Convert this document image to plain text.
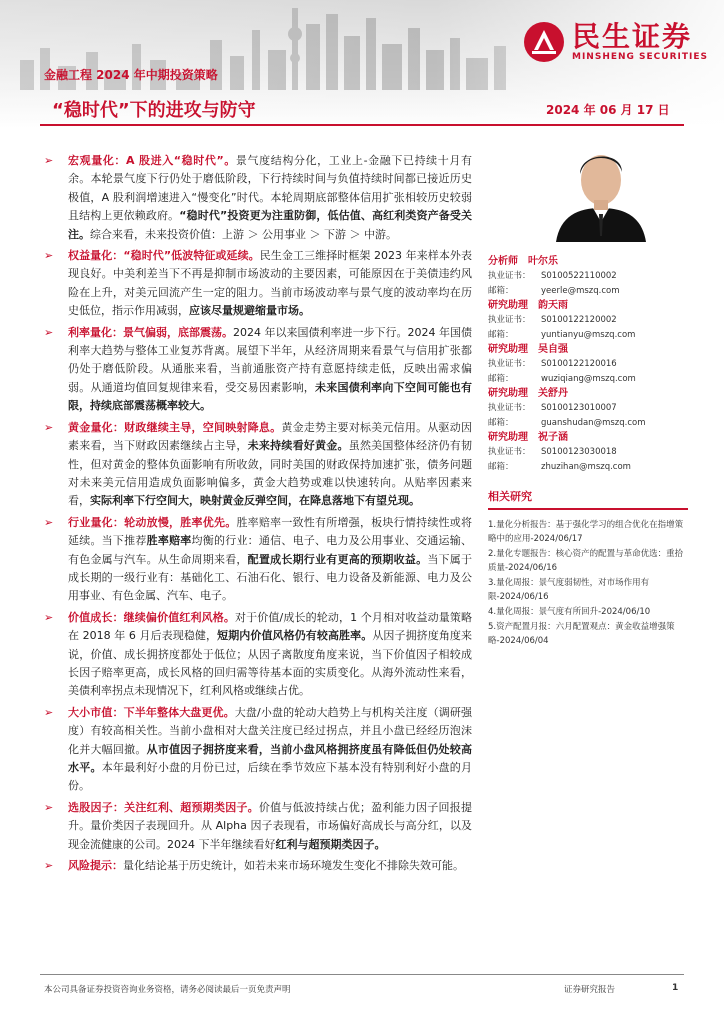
民生证券
MINSHENG SECURITIES
金融工程 2024 年中期投资策略
“稳时代”下的进攻与防守	2024 年 06 月 17 日
➢ 宏观量化：A 股进入“稳时代”。景气度结构分化，工业上-金融下已持续十月有余。本轮景气度下行仍处于磨低阶段，下行持续时间与负值持续时间都已接近历史极值，A 股利润增速进入“慢变化”时代。本轮周期底部整体信用扩张相较历史较弱且结构上更依赖政府。“稳时代”投资更为注重防御，低估值、高红利类资产备受关注。综合来看，未来投资价值：上游 ＞ 公用事业 ＞ 下游 ＞ 中游。
➢ 权益量化：“稳时代”低波特征或延续。民生金工三维择时框架 2023 年来样本外表现良好。中美利差当下不再是抑制市场波动的主要因素，可能原因在于美债违约风险在上升，对美元回流产生一定的阻力。当前市场波动率与景气度的波动率均在历史低位，指示作用减弱，应该尽量规避缩量市场。
➢ 利率量化：景气偏弱，底部震荡。2024 年以来国债利率进一步下行。2024 年国债利率大趋势与整体工业复苏背离。展望下半年，从经济周期来看景气与信用扩张都仍处于磨低阶段。从通胀来看，当前通胀资产持有意愿持续走低，反映出需求偏弱。从通道均值回复规律来看，受交易因素影响，未来国债利率向下空间可能也有限，持续底部震荡概率较大。
➢ 黄金量化：财政继续主导，空间映射降息。黄金走势主要对标美元信用。从驱动因素来看，当下财政因素继续占主导，未来持续看好黄金。虽然美国整体经济仍有韧性，但对黄金的整体负面影响有所收敛，同时美国的财政保持加速扩张，债务问题对未来美元信用造成负面影响偏多，黄金大趋势或难以快速转向。从贴率因素来看，实际利率下行空间大，映射黄金反弹空间，在降息落地下有望兑现。
➢ 行业量化：轮动放慢，胜率优先。胜率赔率一致性有所增强，板块行情持续性或将延续。当下推荐胜率赔率均衡的行业：通信、电子、电力及公用事业、交通运输、有色金属与汽车。从生命周期来看，配置成长期行业有更高的预期收益。当下属于成长期的一级行业有：基础化工、石油石化、银行、电力设备及新能源、电力及公用事业、有色金属、汽车、电子。
➢ 价值成长：继续偏价值红利风格。对于价值/成长的轮动，1 个月相对收益动量策略在 2018 年 6 月后表现稳健，短期内价值风格仍有较高胜率。从因子拥挤度角度来说，价值、成长拥挤度都处于低位；从因子离散度角度来说，当下价值因子相较成长因子赔率更高，成长风格的回归需等待基本面的实质变化。从海外流动性来看，美债利率拐点未现情况下，红利风格或继续占优。
➢ 大小市值：下半年整体大盘更优。大盘/小盘的轮动大趋势上与机构关注度（调研强度）有较高相关性。当前小盘相对大盘关注度已经过拐点，并且小盘已经经历泡沫化并大幅回撤。从市值因子拥挤度来看，当前小盘风格拥挤度虽有降低但仍处较高水平。本年最利好小盘的月份已过，后续在季节效应下基本没有特别利好小盘的月份。
➢ 选股因子：关注红利、超预期类因子。价值与低波持续占优；盈利能力因子回报提升。量价类因子表现回升。从 Alpha 因子表现看，市场偏好高成长与高分红，以及现金流健康的公司。2024 下半年继续看好红利与超预期类因子。
➢ 风险提示：量化结论基于历史统计，如若未来市场环境发生变化不排除失效可能。
分析师 叶尔乐
执业证书： S0100522110002
邮箱：	yeerle@mszq.com
研究助理 韵天雨
执业证书： S0100122120002
邮箱：	yuntianyu@mszq.com
研究助理 吴自强
执业证书： S0100122120016
邮箱：	wuziqiang@mszq.com
研究助理 关舒丹
执业证书： S0100123010007
邮箱：	guanshudan@mszq.com
研究助理 祝子涵
执业证书： S0100123030018
邮箱：	zhuzihan@mszq.com
相关研究
1.量化分析报告：基于强化学习的组合优化在指增策略中的应用-2024/06/17
2.量化专题报告：核心资产的配置与革命优选：重拾质量-2024/06/16
3.量化周报：景气度弱韧性，对市场作用有限-2024/06/16
4.量化周报：景气度有所回升-2024/06/10
5.资产配置月报：六月配置观点：黄金收益增强策略-2024/06/04
本公司具备证券投资咨询业务资格，请务必阅读最后一页免责声明	证券研究报告	1
